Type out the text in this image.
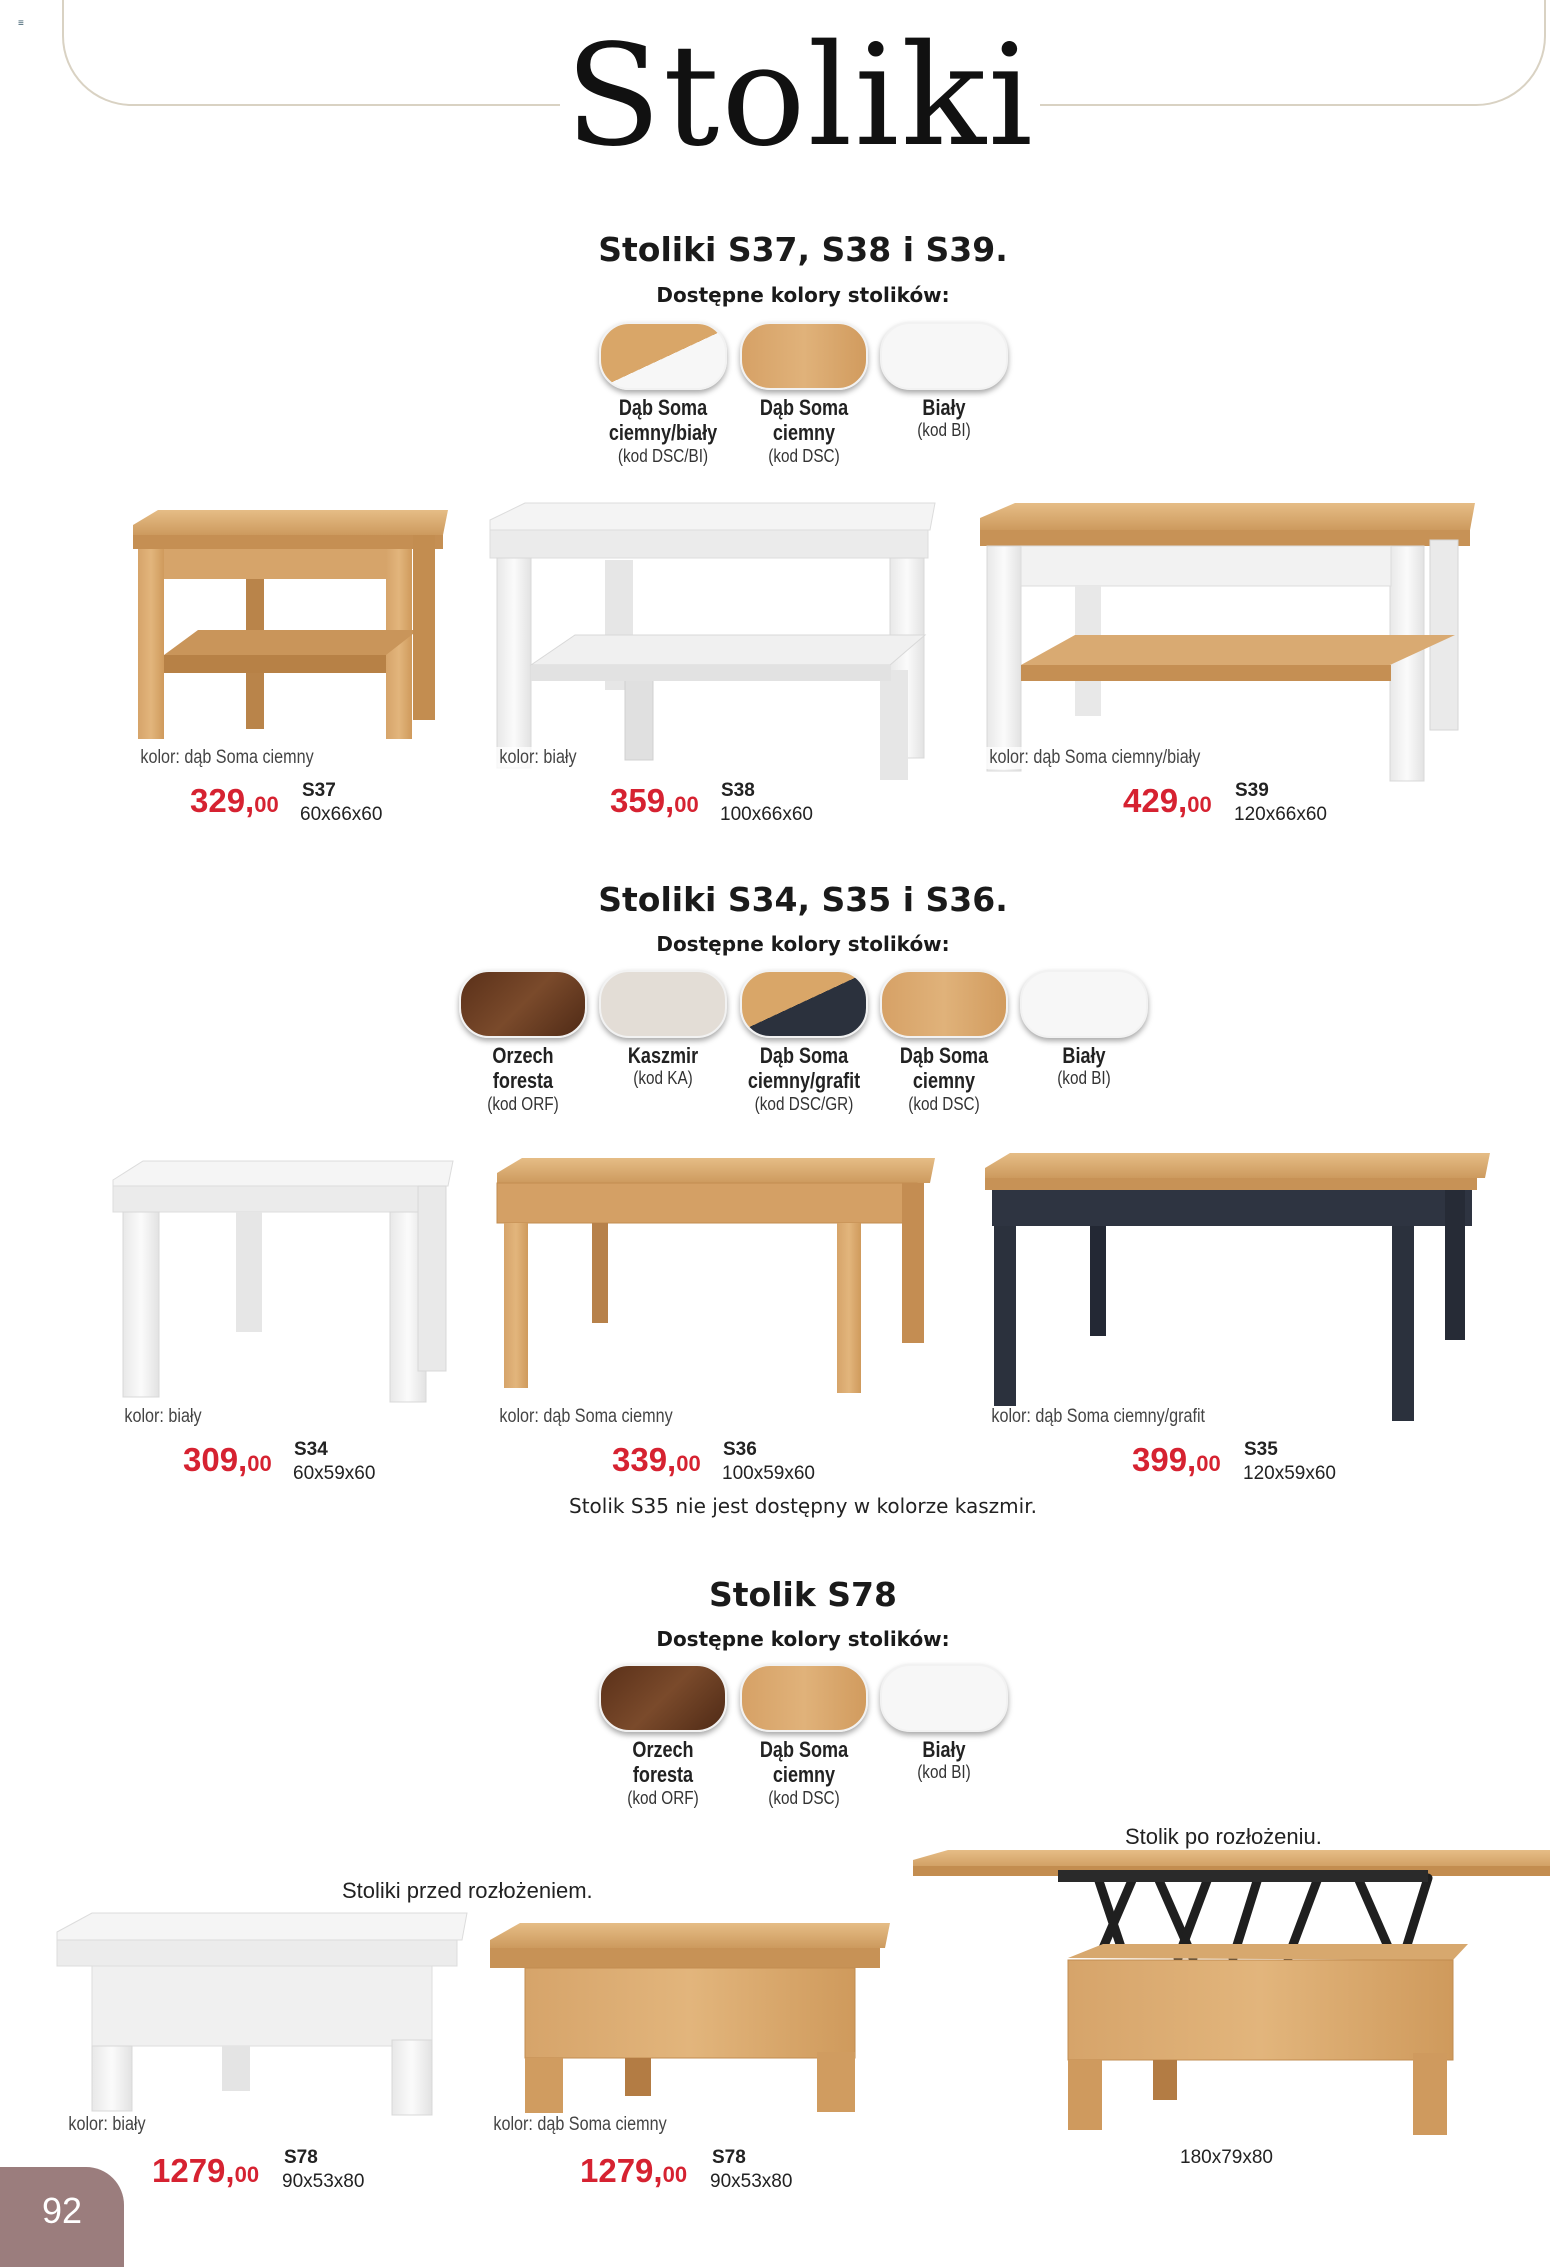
≡	Stoliki
Stoliki S37, S38 i S39.
Dostępne kolory stolików:
Dąb Soma
ciemny/biały
(kod DSC/BI)
Dąb Soma
ciemny
(kod DSC)
Biały
(kod BI)
kolor: dąb Soma ciemny	kolor: biały	kolor: dąb Soma ciemny/biały
329,00
S37
60x66x60	359,00
S38
100x66x60	429,00
S39
120x66x60
Stoliki S34, S35 i S36.
Dostępne kolory stolików:
Orzech foresta
(kod ORF)
Kaszmir
(kod KA)
Dąb Soma
ciemny/grafit
(kod DSC/GR)
Dąb Soma
ciemny
(kod DSC)
Biały
(kod BI)
kolor: biały	kolor: dąb Soma ciemny	kolor: dąb Soma ciemny/grafit
309,00
S34
60x59x60	339,00
S36
100x59x60	399,00
S35
120x59x60
Stolik S35 nie jest dostępny w kolorze kaszmir.
Stolik S78
Dostępne kolory stolików:
Orzech foresta
(kod ORF)
Dąb Soma
ciemny
(kod DSC)
Biały
(kod BI)
Stoliki przed rozłożeniem.
Stolik po rozłożeniu.
kolor: biały	kolor: dąb Soma ciemny
1279,00
S78
90x53x80	1279,00
S78
90x53x80
180x79x80
92
